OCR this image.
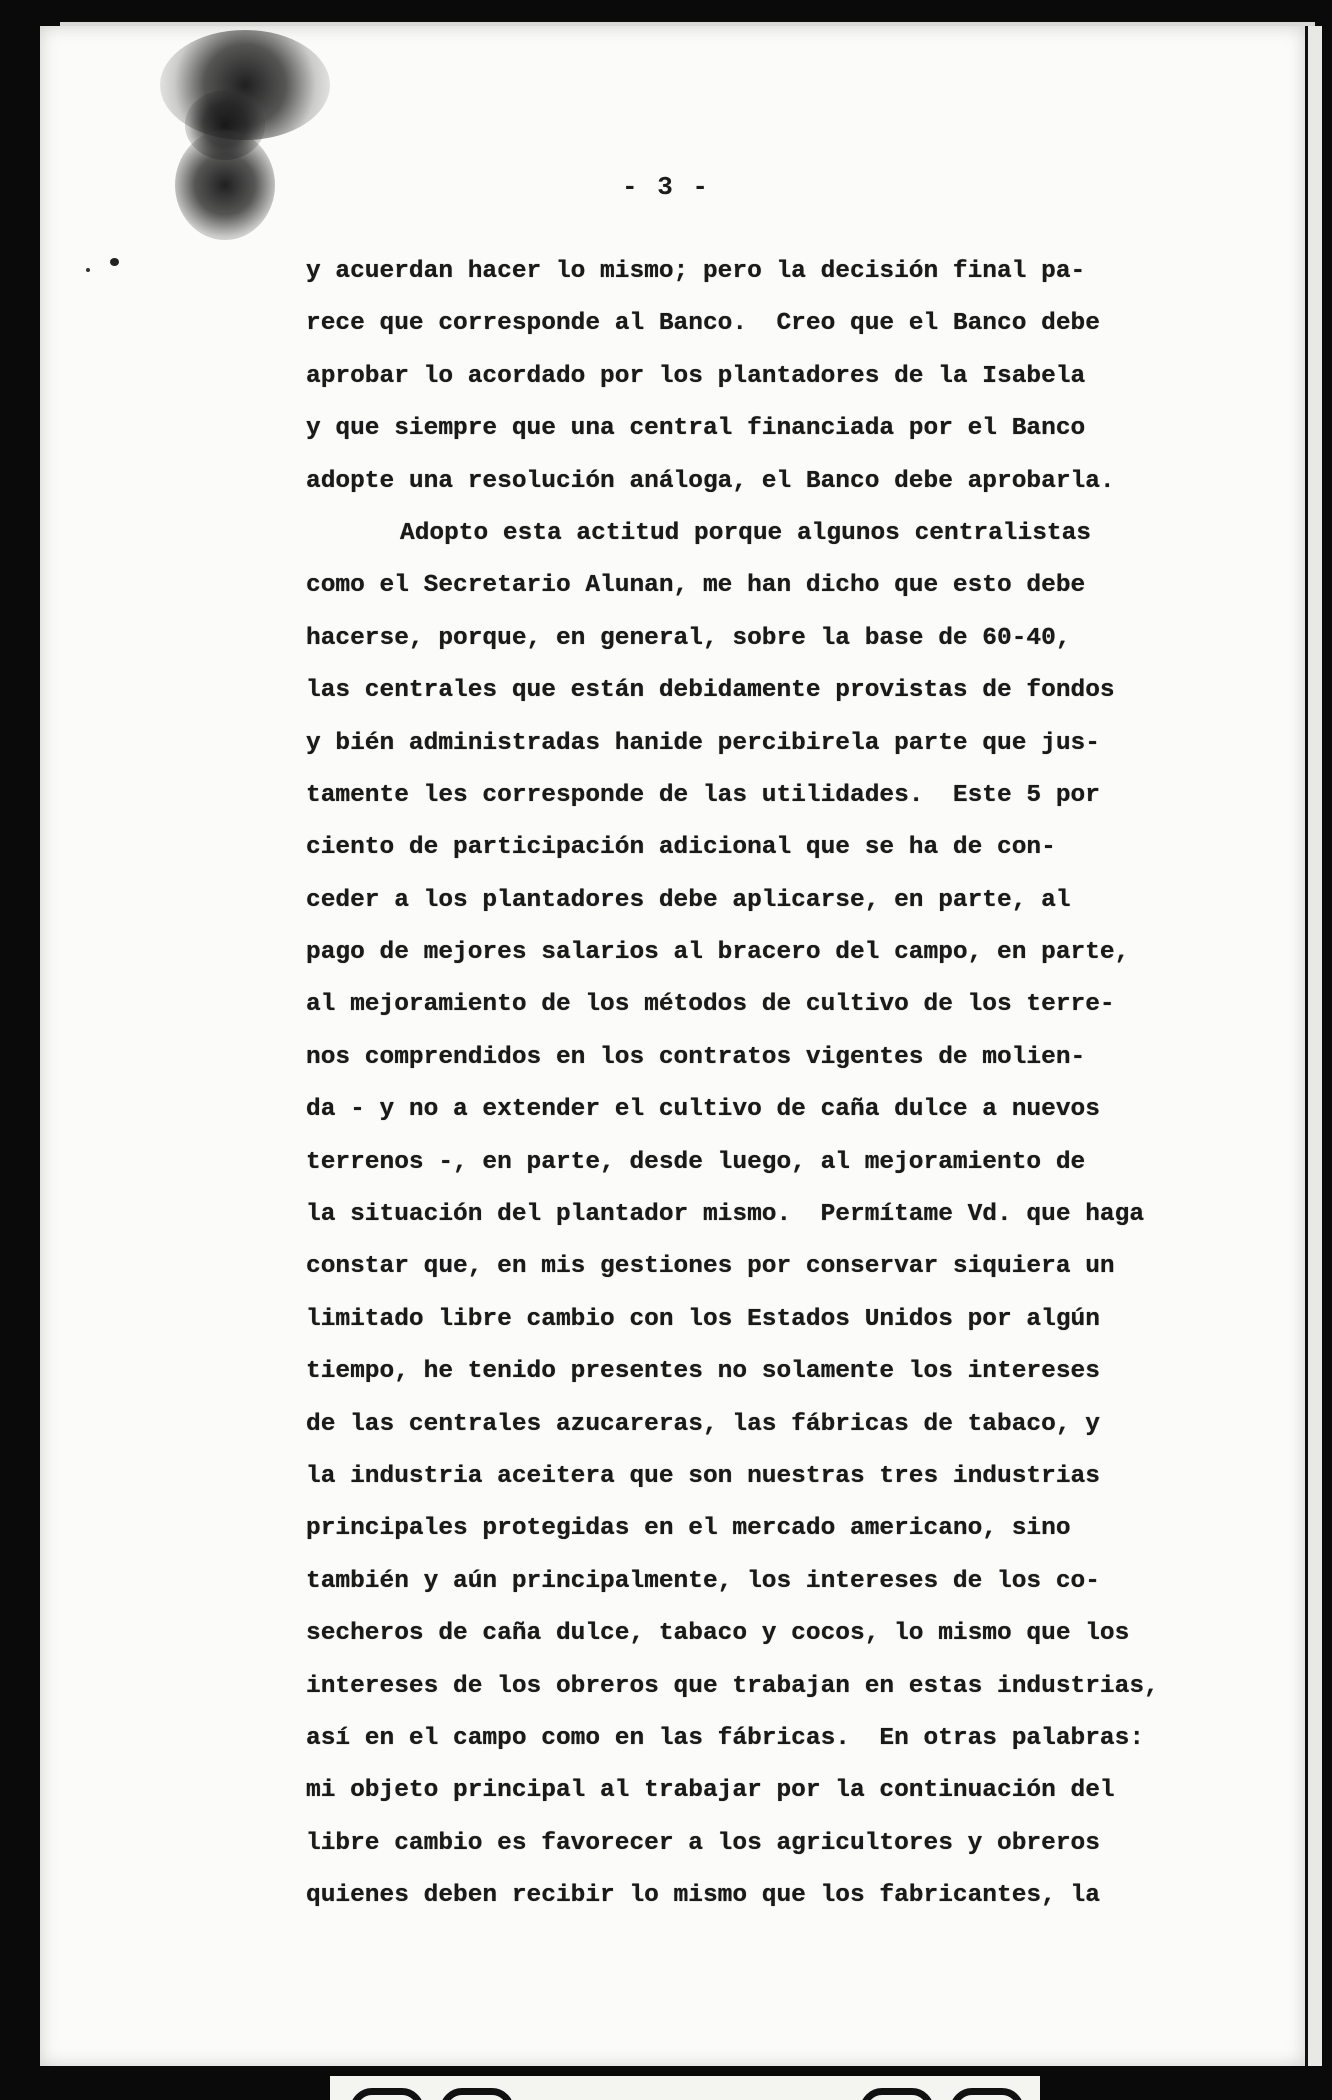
- 3 -
y acuerdan hacer lo mismo; pero la decisión final pa-
rece que corresponde al Banco.  Creo que el Banco debe
aprobar lo acordado por los plantadores de la Isabela
y que siempre que una central financiada por el Banco
adopte una resolución análoga, el Banco debe aprobarla.
Adopto esta actitud porque algunos centralistas
como el Secretario Alunan, me han dicho que esto debe
hacerse, porque, en general, sobre la base de 60-40,
las centrales que están debidamente provistas de fondos
y bién administradas hanide percibirela parte que jus-
tamente les corresponde de las utilidades.  Este 5 por
ciento de participación adicional que se ha de con-
ceder a los plantadores debe aplicarse, en parte, al
pago de mejores salarios al bracero del campo, en parte,
al mejoramiento de los métodos de cultivo de los terre-
nos comprendidos en los contratos vigentes de molien-
da - y no a extender el cultivo de caña dulce a nuevos
terrenos -, en parte, desde luego, al mejoramiento de
la situación del plantador mismo.  Permítame Vd. que haga
constar que, en mis gestiones por conservar siquiera un
limitado libre cambio con los Estados Unidos por algún
tiempo, he tenido presentes no solamente los intereses
de las centrales azucareras, las fábricas de tabaco, y
la industria aceitera que son nuestras tres industrias
principales protegidas en el mercado americano, sino
también y aún principalmente, los intereses de los co-
secheros de caña dulce, tabaco y cocos, lo mismo que los
intereses de los obreros que trabajan en estas industrias,
así en el campo como en las fábricas.  En otras palabras:
mi objeto principal al trabajar por la continuación del
libre cambio es favorecer a los agricultores y obreros
quienes deben recibir lo mismo que los fabricantes, la
